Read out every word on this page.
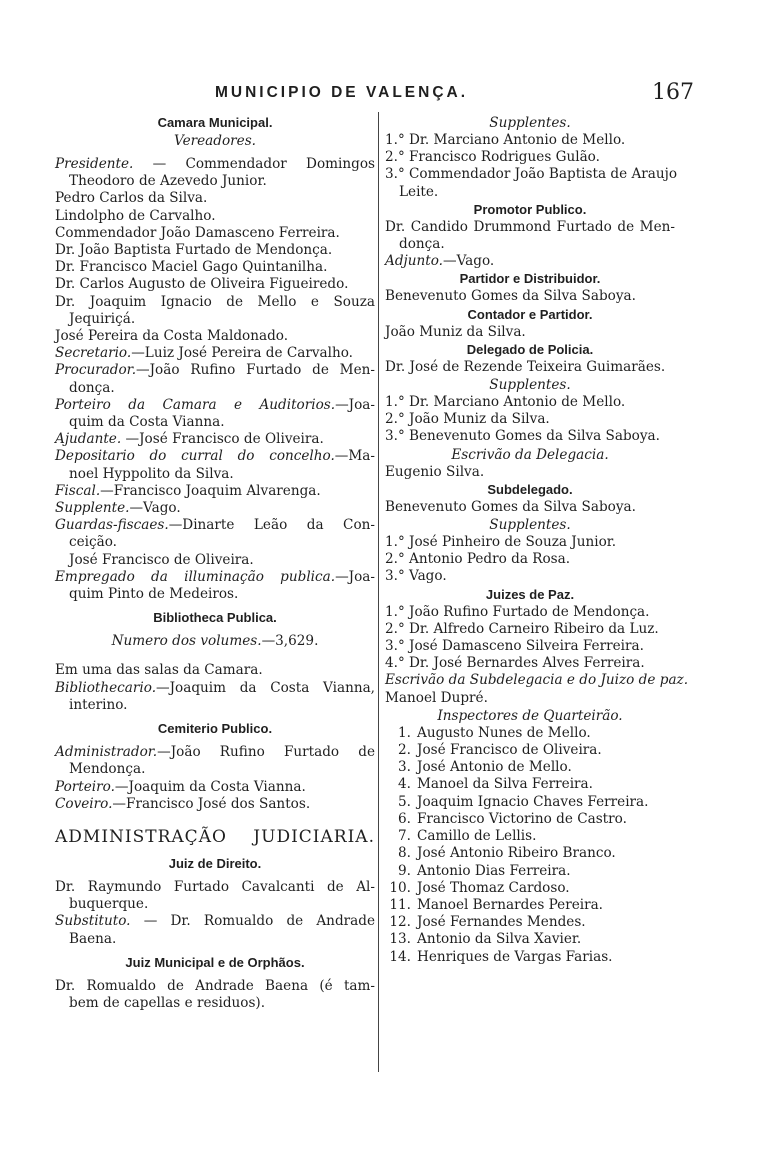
MUNICIPIO DE VALENÇA.	167
Camara Municipal.
Vereadores.
Presidente. — Commendador Domingos
Theodoro de Azevedo Junior.
Pedro Carlos da Silva.
Lindolpho de Carvalho.
Commendador João Damasceno Ferreira.
Dr. João Baptista Furtado de Mendonça.
Dr. Francisco Maciel Gago Quintanilha.
Dr. Carlos Augusto de Oliveira Figueiredo.
Dr. Joaquim Ignacio de Mello e Souza
Jequiriçá.
José Pereira da Costa Maldonado.
Secretario.—Luiz José Pereira de Carvalho.
Procurador.—João Rufino Furtado de Men-
donça.
Porteiro da Camara e Auditorios.—Joa-
quim da Costa Vianna.
Ajudante. —José Francisco de Oliveira.
Depositario do curral do concelho.—Ma-
noel Hyppolito da Silva.
Fiscal.—Francisco Joaquim Alvarenga.
Supplente.—Vago.
Guardas-fiscaes.—Dinarte Leão da Con-
ceição.
José Francisco de Oliveira.
Empregado da illuminação publica.—Joa-
quim Pinto de Medeiros.
Bibliotheca Publica.
Numero dos volumes.—3,629.
Em uma das salas da Camara.
Bibliothecario.—Joaquim da Costa Vianna,
interino.
Cemiterio Publico.
Administrador.—João Rufino Furtado de
Mendonça.
Porteiro.—Joaquim da Costa Vianna.
Coveiro.—Francisco José dos Santos.
ADMINISTRAÇÃO JUDICIARIA.
Juiz de Direito.
Dr. Raymundo Furtado Cavalcanti de Al-
buquerque.
Substituto. — Dr. Romualdo de Andrade
Baena.
Juiz Municipal e de Orphãos.
Dr. Romualdo de Andrade Baena (é tam-
bem de capellas e residuos).
Supplentes.
1.° Dr. Marciano Antonio de Mello.
2.° Francisco Rodrigues Gulão.
3.° Commendador João Baptista de Araujo
Leite.
Promotor Publico.
Dr. Candido Drummond Furtado de Men-
donça.
Adjunto.—Vago.
Partidor e Distribuidor.
Benevenuto Gomes da Silva Saboya.
Contador e Partidor.
João Muniz da Silva.
Delegado de Policia.
Dr. José de Rezende Teixeira Guimarães.
Supplentes.
1.° Dr. Marciano Antonio de Mello.
2.° João Muniz da Silva.
3.° Benevenuto Gomes da Silva Saboya.
Escrivão da Delegacia.
Eugenio Silva.
Subdelegado.
Benevenuto Gomes da Silva Saboya.
Supplentes.
1.° José Pinheiro de Souza Junior.
2.° Antonio Pedro da Rosa.
3.° Vago.
Juizes de Paz.
1.° João Rufino Furtado de Mendonça.
2.° Dr. Alfredo Carneiro Ribeiro da Luz.
3.° José Damasceno Silveira Ferreira.
4.° Dr. José Bernardes Alves Ferreira.
Escrivão da Subdelegacia e do Juizo de paz.
Manoel Dupré.
Inspectores de Quarteirão.
1. Augusto Nunes de Mello.
2. José Francisco de Oliveira.
3. José Antonio de Mello.
4. Manoel da Silva Ferreira.
5. Joaquim Ignacio Chaves Ferreira.
6. Francisco Victorino de Castro.
7. Camillo de Lellis.
8. José Antonio Ribeiro Branco.
9. Antonio Dias Ferreira.
10. José Thomaz Cardoso.
11. Manoel Bernardes Pereira.
12. José Fernandes Mendes.
13. Antonio da Silva Xavier.
14. Henriques de Vargas Farias.
